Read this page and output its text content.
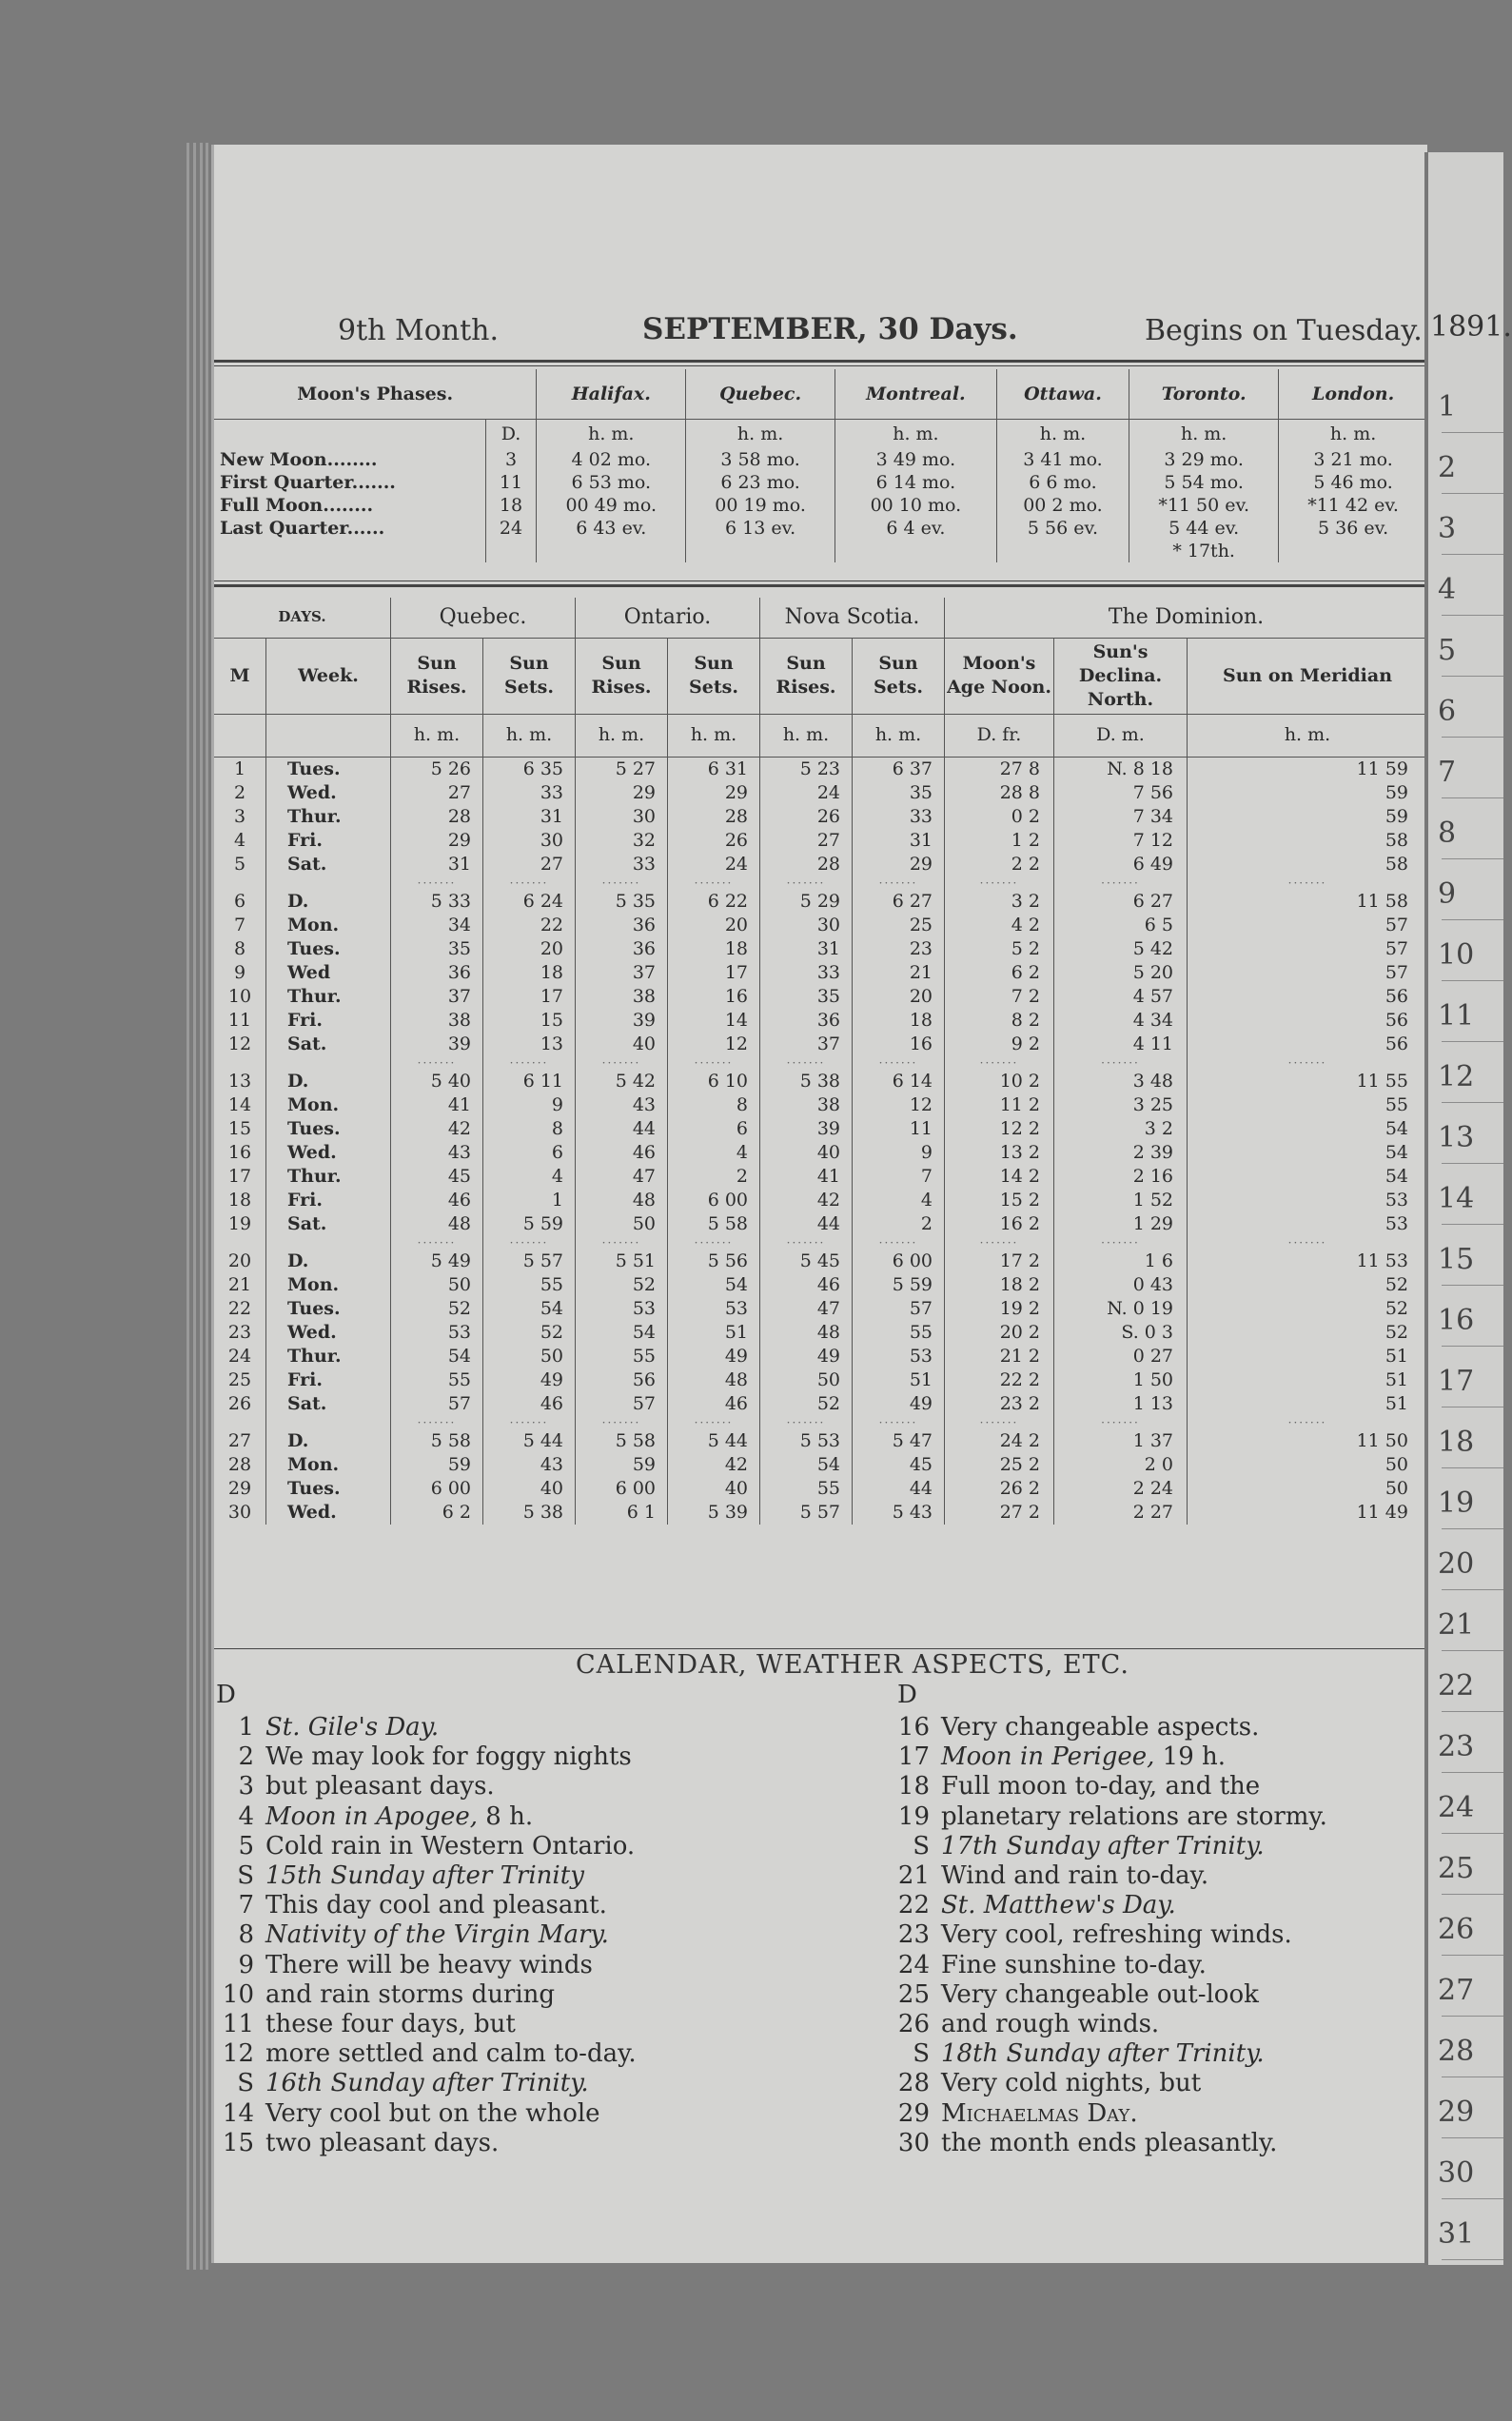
9th Month.	SEPTEMBER, 30 Days.	Begins on Tuesday.
Moon's Phases.		Halifax.	Quebec.	Montreal.	Ottawa.	Toronto.	London.
	D.	h. m.	h. m.	h. m.	h. m.	h. m.	h. m.
New Moon........	3	4 02 mo.	3 58 mo.	3 49 mo.	3 41 mo.	3 29 mo.	3 21 mo.
First Quarter.......	11	6 53 mo.	6 23 mo.	6 14 mo.	6 6 mo.	5 54 mo.	5 46 mo.
Full Moon........	18	00 49 mo.	00 19 mo.	00 10 mo.	00 2 mo.	*11 50 ev.	*11 42 ev.
Last Quarter......	24	6 43 ev.	6 13 ev.	6 4 ev.	5 56 ev.	5 44 ev.	5 36 ev.
						* 17th.	
DAYS.		Quebec.		Ontario.		Nova Scotia.		The Dominion.		
M	Week.	Sun Rises.	Sun Sets.	Sun Rises.	Sun Sets.	Sun Rises.	Sun Sets.	Moon's Age Noon.	Sun's Declina. North.	Sun on Meridian
		h. m.	h. m.	h. m.	h. m.	h. m.	h. m.	D. fr.	D. m.	h. m.
1	Tues.	5 26	6 35	5 27	6 31	5 23	6 37	27 8	N. 8 18	11 59
2	Wed.	27	33	29	29	24	35	28 8	7 56	59
3	Thur.	28	31	30	28	26	33	0 2	7 34	59
4	Fri.	29	30	32	26	27	31	1 2	7 12	58
5	Sat.	31	27	33	24	28	29	2 2	6 49	58
		·······	·······	·······	·······	·······	·······	·······	·······	·······
6	D.	5 33	6 24	5 35	6 22	5 29	6 27	3 2	6 27	11 58
7	Mon.	34	22	36	20	30	25	4 2	6 5	57
8	Tues.	35	20	36	18	31	23	5 2	5 42	57
9	Wed	36	18	37	17	33	21	6 2	5 20	57
10	Thur.	37	17	38	16	35	20	7 2	4 57	56
11	Fri.	38	15	39	14	36	18	8 2	4 34	56
12	Sat.	39	13	40	12	37	16	9 2	4 11	56
		·······	·······	·······	·······	·······	·······	·······	·······	·······
13	D.	5 40	6 11	5 42	6 10	5 38	6 14	10 2	3 48	11 55
14	Mon.	41	9	43	8	38	12	11 2	3 25	55
15	Tues.	42	8	44	6	39	11	12 2	3 2	54
16	Wed.	43	6	46	4	40	9	13 2	2 39	54
17	Thur.	45	4	47	2	41	7	14 2	2 16	54
18	Fri.	46	1	48	6 00	42	4	15 2	1 52	53
19	Sat.	48	5 59	50	5 58	44	2	16 2	1 29	53
		·······	·······	·······	·······	·······	·······	·······	·······	·······
20	D.	5 49	5 57	5 51	5 56	5 45	6 00	17 2	1 6	11 53
21	Mon.	50	55	52	54	46	5 59	18 2	0 43	52
22	Tues.	52	54	53	53	47	57	19 2	N. 0 19	52
23	Wed.	53	52	54	51	48	55	20 2	S. 0 3	52
24	Thur.	54	50	55	49	49	53	21 2	0 27	51
25	Fri.	55	49	56	48	50	51	22 2	1 50	51
26	Sat.	57	46	57	46	52	49	23 2	1 13	51
		·······	·······	·······	·······	·······	·······	·······	·······	·······
27	D.	5 58	5 44	5 58	5 44	5 53	5 47	24 2	1 37	11 50
28	Mon.	59	43	59	42	54	45	25 2	2 0	50
29	Tues.	6 00	40	6 00	40	55	44	26 2	2 24	50
30	Wed.	6 2	5 38	6 1	5 39	5 57	5 43	27 2	2 27	11 49
CALENDAR, WEATHER ASPECTS, ETC.
D	D
1 St. Gile's Day.
2 We may look for foggy nights
3 but pleasant days.
4 Moon in Apogee, 8 h.
5 Cold rain in Western Ontario.
S 15th Sunday after Trinity
7 This day cool and pleasant.
8 Nativity of the Virgin Mary.
9 There will be heavy winds
10 and rain storms during
11 these four days, but
12 more settled and calm to-day.
S 16th Sunday after Trinity.
14 Very cool but on the whole
15 two pleasant days.
16 Very changeable aspects.
17 Moon in Perigee, 19 h.
18 Full moon to-day, and the
19 planetary relations are stormy.
S 17th Sunday after Trinity.
21 Wind and rain to-day.
22 St. Matthew's Day.
23 Very cool, refreshing winds.
24 Fine sunshine to-day.
25 Very changeable out-look
26 and rough winds.
S 18th Sunday after Trinity.
28 Very cold nights, but
29 Michaelmas Day.
30 the month ends pleasantly.
1891.
1
2
3
4
5
6
7
8
9
10
11
12
13
14
15
16
17
18
19
20
21
22
23
24
25
26
27
28
29
30
31
